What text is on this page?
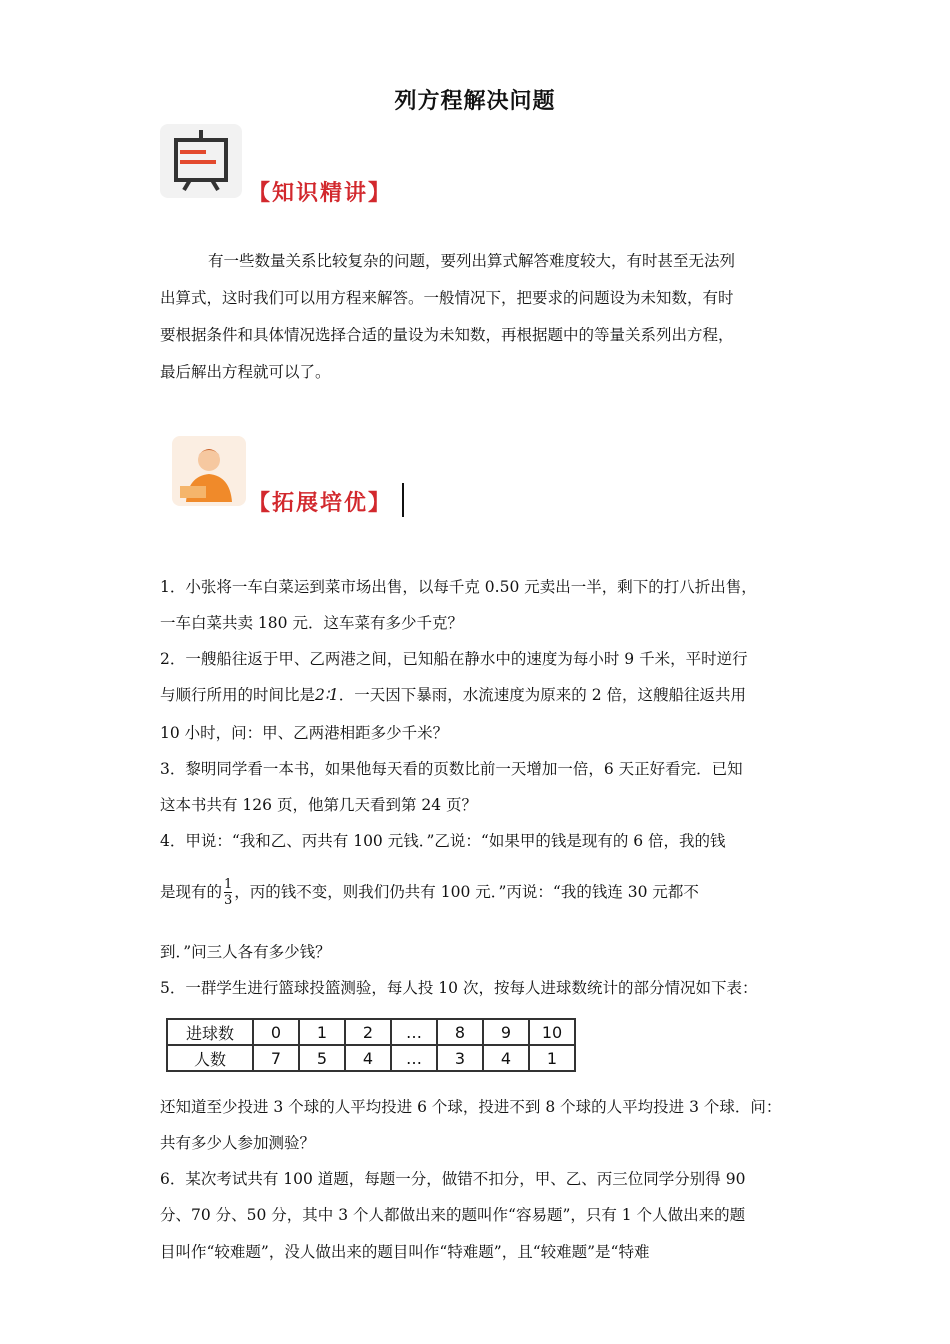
列方程解决问题
【知识精讲】
有一些数量关系比较复杂的问题，要列出算式解答难度较大，有时甚至无法列
出算式，这时我们可以用方程来解答。一般情况下，把要求的问题设为未知数，有时
要根据条件和具体情况选择合适的量设为未知数，再根据题中的等量关系列出方程，
最后解出方程就可以了。
【拓展培优】
1．小张将一车白菜运到菜市场出售，以每千克 0.50 元卖出一半，剩下的打八折出售，
一车白菜共卖 180 元．这车菜有多少千克？
2．一艘船往返于甲、乙两港之间，已知船在静水中的速度为每小时 9 千米，平时逆行
与顺行所用的时间比是2∶1．一天因下暴雨，水流速度为原来的 2 倍，这艘船往返共用
10 小时，问：甲、乙两港相距多少千米？
3．黎明同学看一本书，如果他每天看的页数比前一天增加一倍，6 天正好看完．已知
这本书共有 126 页，他第几天看到第 24 页？
4．甲说：“我和乙、丙共有 100 元钱．”乙说：“如果甲的钱是现有的 6 倍，我的钱
是现有的 $\frac{1}{3}$ ，丙的钱不变，则我们仍共有 100 元．”丙说：“我的钱连 30 元都不
到．”问三人各有多少钱？
5．一群学生进行篮球投篮测验，每人投 10 次，按每人进球数统计的部分情况如下表：
进球数	0	1	2	…	8	9	10
人数	7	5	4	…	3	4	1
还知道至少投进 3 个球的人平均投进 6 个球，投进不到 8 个球的人平均投进 3 个球．问：
共有多少人参加测验？
6．某次考试共有 100 道题，每题一分，做错不扣分，甲、乙、丙三位同学分别得 90
分、70 分、50 分，其中 3 个人都做出来的题叫作“容易题”，只有 1 个人做出来的题
目叫作“较难题”，没人做出来的题目叫作“特难题”，且“较难题”是“特难
